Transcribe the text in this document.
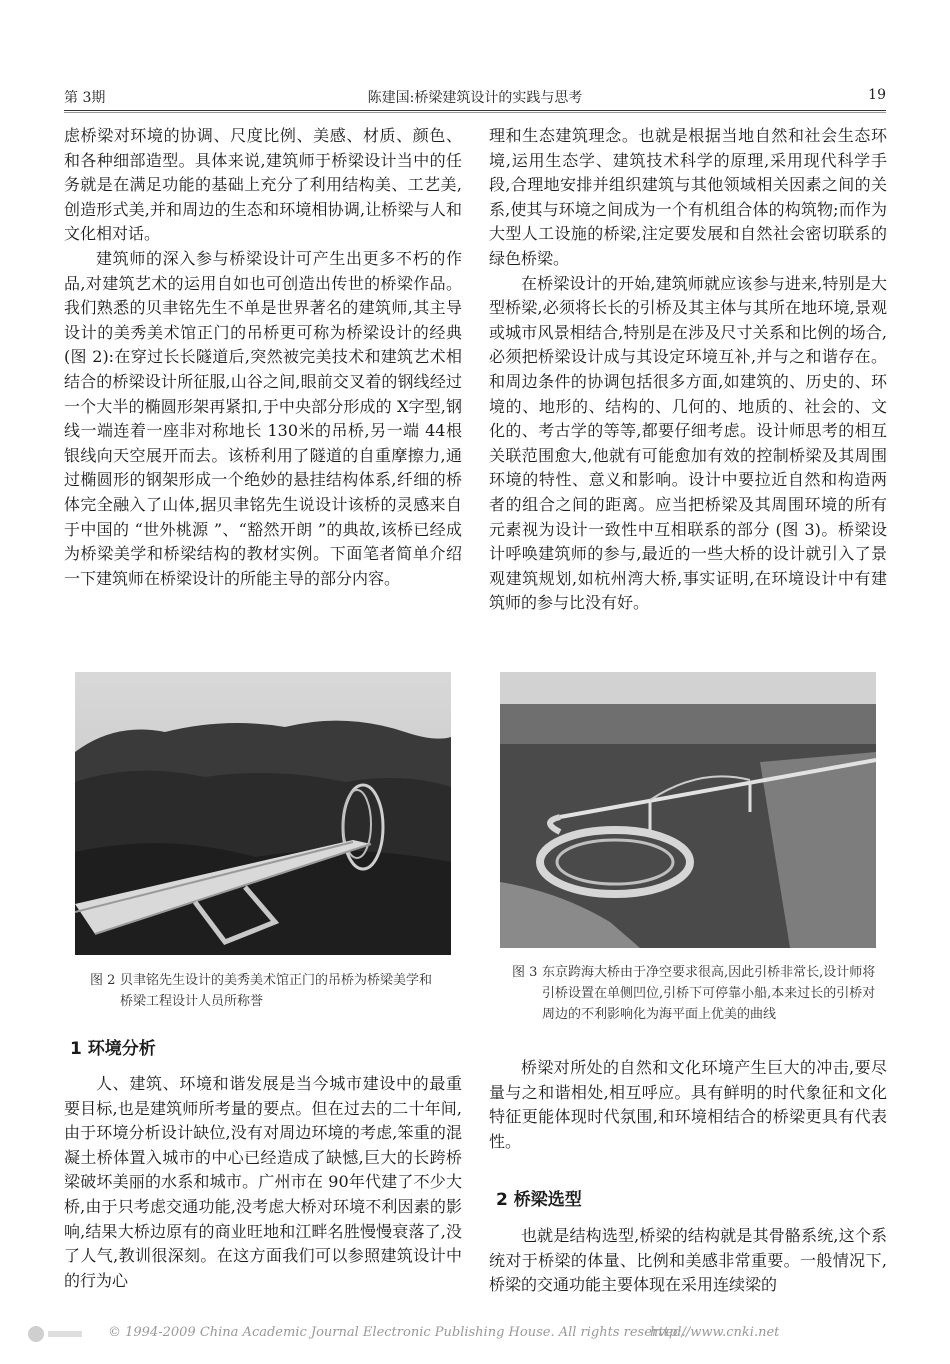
第 3期	陈建国:桥梁建筑设计的实践与思考	19

虑桥梁对环境的协调、尺度比例、美感、材质、颜色、和各种细部造型。具体来说,建筑师于桥梁设计当中的任务就是在满足功能的基础上充分了利用结构美、工艺美,创造形式美,并和周边的生态和环境相协调,让桥梁与人和文化相对话。

建筑师的深入参与桥梁设计可产生出更多不朽的作品,对建筑艺术的运用自如也可创造出传世的桥梁作品。我们熟悉的贝聿铭先生不单是世界著名的建筑师,其主导设计的美秀美术馆正门的吊桥更可称为桥梁设计的经典 (图 2):在穿过长长隧道后,突然被完美技术和建筑艺术相结合的桥梁设计所征服,山谷之间,眼前交叉着的钢线经过一个大半的椭圆形架再紧扣,于中央部分形成的 X字型,钢线一端连着一座非对称地长 130米的吊桥,另一端 44根银线向天空展开而去。该桥利用了隧道的自重摩擦力,通过椭圆形的钢架形成一个绝妙的悬挂结构体系,纤细的桥体完全融入了山体,据贝聿铭先生说设计该桥的灵感来自于中国的 “世外桃源 ”、“豁然开朗 ”的典故,该桥已经成为桥梁美学和桥梁结构的教材实例。下面笔者简单介绍一下建筑师在桥梁设计的所能主导的部分内容。

理和生态建筑理念。也就是根据当地自然和社会生态环境,运用生态学、建筑技术科学的原理,采用现代科学手段,合理地安排并组织建筑与其他领域相关因素之间的关系,使其与环境之间成为一个有机组合体的构筑物;而作为大型人工设施的桥梁,注定要发展和自然社会密切联系的绿色桥梁。

在桥梁设计的开始,建筑师就应该参与进来,特别是大型桥梁,必须将长长的引桥及其主体与其所在地环境,景观或城市风景相结合,特别是在涉及尺寸关系和比例的场合,必须把桥梁设计成与其设定环境互补,并与之和谐存在。和周边条件的协调包括很多方面,如建筑的、历史的、环境的、地形的、结构的、几何的、地质的、社会的、文化的、考古学的等等,都要仔细考虑。设计师思考的相互关联范围愈大,他就有可能愈加有效的控制桥梁及其周围环境的特性、意义和影响。设计中要拉近自然和构造两者的组合之间的距离。应当把桥梁及其周围环境的所有元素视为设计一致性中互相联系的部分 (图 3)。桥梁设计呼唤建筑师的参与,最近的一些大桥的设计就引入了景观建筑规划,如杭州湾大桥,事实证明,在环境设计中有建筑师的参与比没有好。

图 2 贝聿铭先生设计的美秀美术馆正门的吊桥为桥梁美学和桥梁工程设计人员所称誉
图 3 东京跨海大桥由于净空要求很高,因此引桥非常长,设计师将引桥设置在单侧凹位,引桥下可停靠小船,本来过长的引桥对周边的不利影响化为海平面上优美的曲线
1 环境分析

人、建筑、环境和谐发展是当今城市建设中的最重要目标,也是建筑师所考量的要点。但在过去的二十年间,由于环境分析设计缺位,没有对周边环境的考虑,笨重的混凝土桥体置入城市的中心已经造成了缺憾,巨大的长跨桥梁破坏美丽的水系和城市。广州市在 90年代建了不少大桥,由于只考虑交通功能,没考虑大桥对环境不利因素的影响,结果大桥边原有的商业旺地和江畔名胜慢慢衰落了,没了人气,教训很深刻。在这方面我们可以参照建筑设计中的行为心

桥梁对所处的自然和文化环境产生巨大的冲击,要尽量与之和谐相处,相互呼应。具有鲜明的时代象征和文化特征更能体现时代氛围,和环境相结合的桥梁更具有代表性。

2 桥梁选型

也就是结构选型,桥梁的结构就是其骨骼系统,这个系统对于桥梁的体量、比例和美感非常重要。一般情况下,桥梁的交通功能主要体现在采用连续梁的

© 1994-2009 China Academic Journal Electronic Publishing House. All rights reserved.
http://www.cnki.net
